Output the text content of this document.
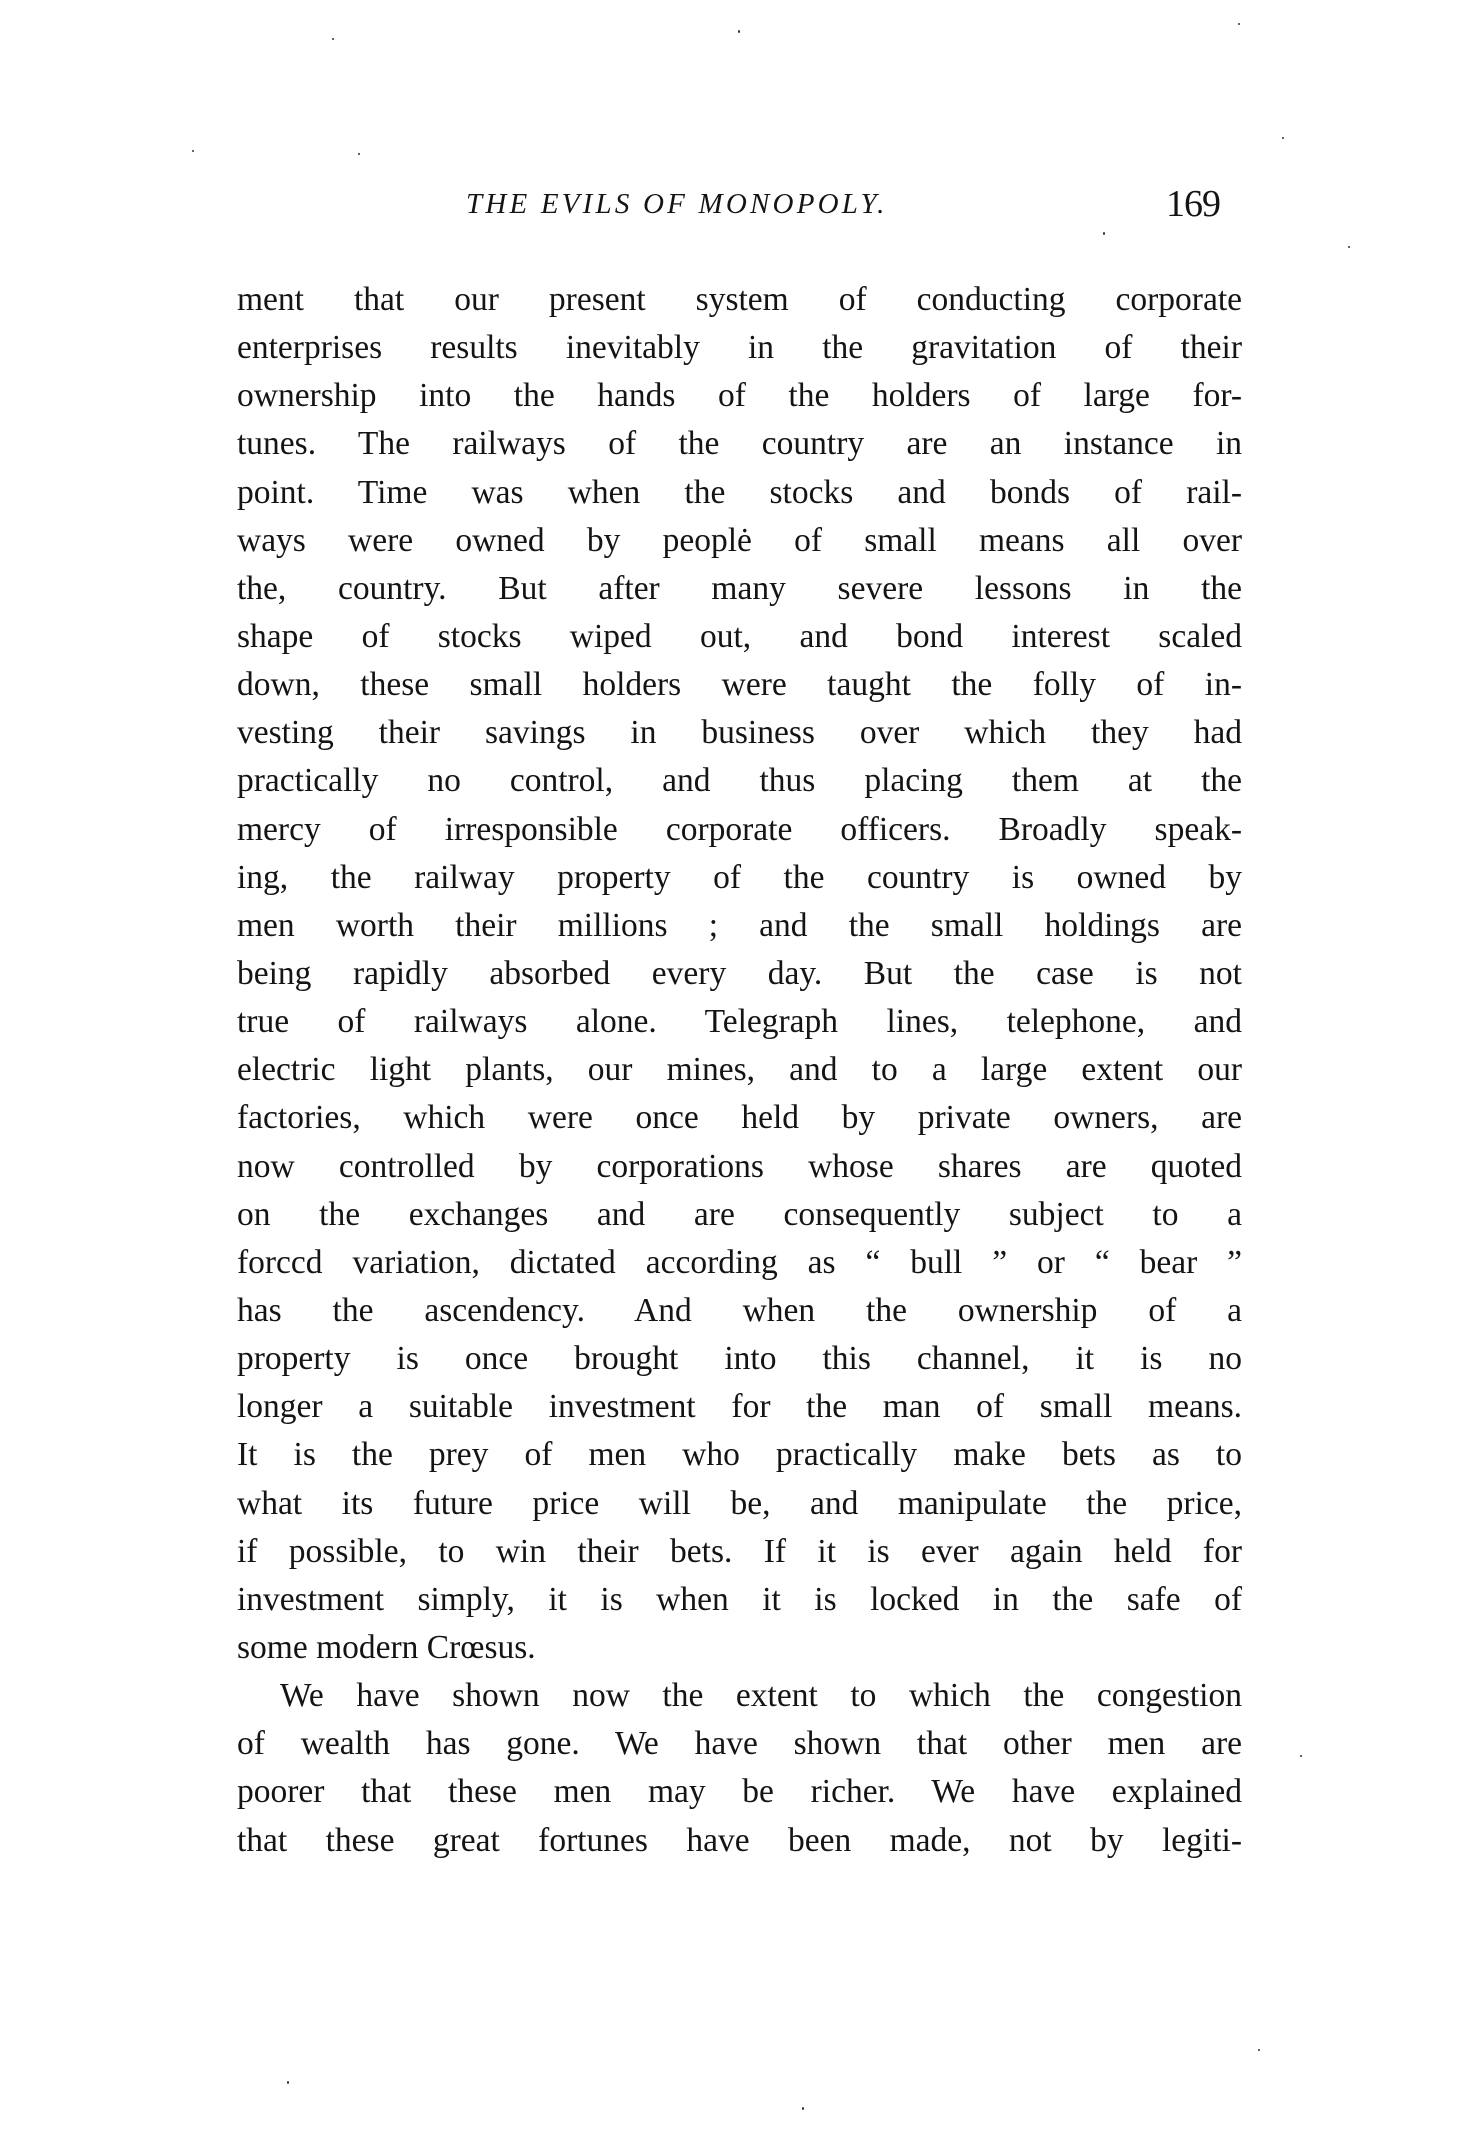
THE EVILS OF MONOPOLY.	169
ment that our present system of conducting corporate
enterprises results inevitably in the gravitation of their
ownership into the hands of the holders of large for-
tunes. The railways of the country are an instance in
point. Time was when the stocks and bonds of rail-
ways were owned by peoplė of small means all over
the, country. But after many severe lessons in the
shape of stocks wiped out, and bond interest scaled
down, these small holders were taught the folly of in-
vesting their savings in business over which they had
practically no control, and thus placing them at the
mercy of irresponsible corporate officers. Broadly speak-
ing, the railway property of the country is owned by
men worth their millions ; and the small holdings are
being rapidly absorbed every day. But the case is not
true of railways alone. Telegraph lines, telephone, and
electric light plants, our mines, and to a large extent our
factories, which were once held by private owners, are
now controlled by corporations whose shares are quoted
on the exchanges and are consequently subject to a
forccd variation, dictated according as “ bull ” or “ bear ”
has the ascendency. And when the ownership of a
property is once brought into this channel, it is no
longer a suitable investment for the man of small means.
It is the prey of men who practically make bets as to
what its future price will be, and manipulate the price,
if possible, to win their bets. If it is ever again held for
investment simply, it is when it is locked in the safe of
some modern Crœsus.
We have shown now the extent to which the congestion
of wealth has gone. We have shown that other men are
poorer that these men may be richer. We have explained
that these great fortunes have been made, not by legiti-
